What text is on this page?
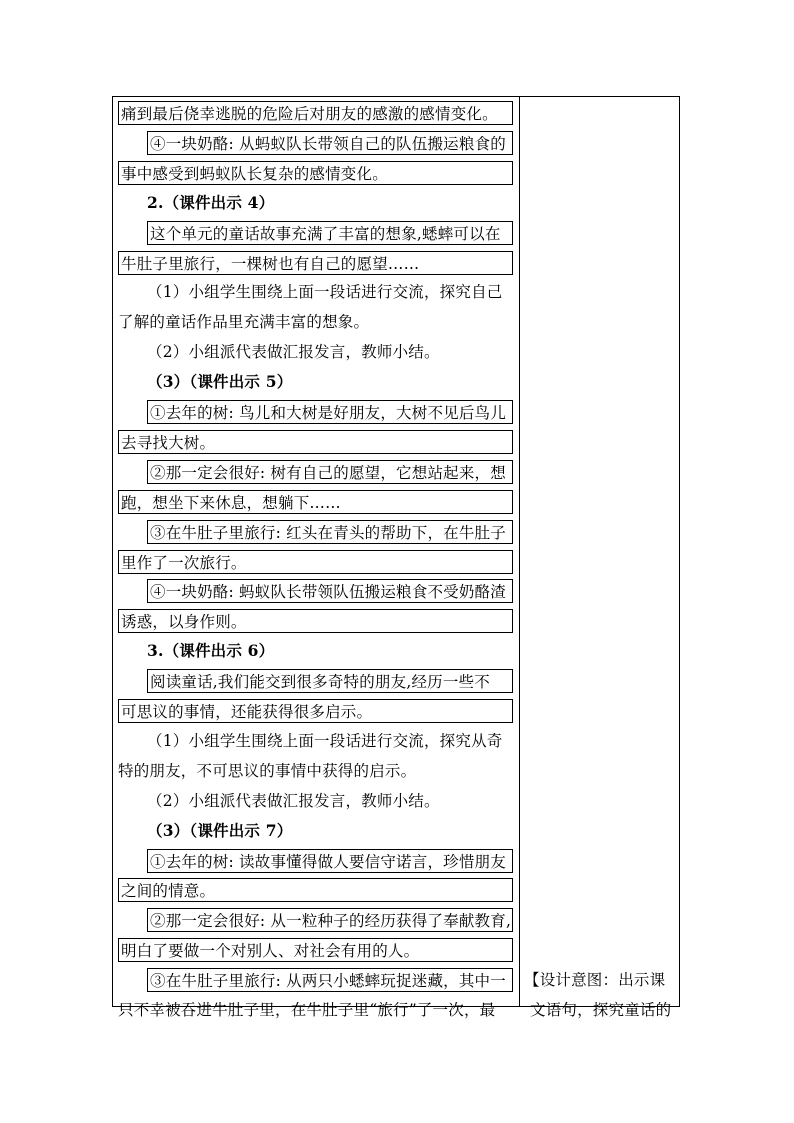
痛到最后侥幸逃脱的危险后对朋友的感激的感情变化。
④一块奶酪: 从蚂蚁队长带领自己的队伍搬运粮食的
事中感受到蚂蚁队长复杂的感情变化。
2.（课件出示 4）
这个单元的童话故事充满了丰富的想象,蟋蟀可以在
牛肚子里旅行，一棵树也有自己的愿望……
（1）小组学生围绕上面一段话进行交流，探究自己
了解的童话作品里充满丰富的想象。
（2）小组派代表做汇报发言，教师小结。
（3）（课件出示 5）
①去年的树: 鸟儿和大树是好朋友，大树不见后鸟儿
去寻找大树。
②那一定会很好: 树有自己的愿望，它想站起来，想
跑，想坐下来休息，想躺下……
③在牛肚子里旅行: 红头在青头的帮助下，在牛肚子
里作了一次旅行。
④一块奶酪: 蚂蚁队长带领队伍搬运粮食不受奶酪渣
诱惑，以身作则。
3.（课件出示 6）
阅读童话,我们能交到很多奇特的朋友,经历一些不
可思议的事情，还能获得很多启示。
（1）小组学生围绕上面一段话进行交流，探究从奇
特的朋友，不可思议的事情中获得的启示。
（2）小组派代表做汇报发言，教师小结。
（3）（课件出示 7）
①去年的树: 读故事懂得做人要信守诺言，珍惜朋友
之间的情意。
②那一定会很好: 从一粒种子的经历获得了奉献教育,
明白了要做一个对别人、对社会有用的人。
③在牛肚子里旅行: 从两只小蟋蟀玩捉迷藏，其中一
只不幸被吞进牛肚子里，在牛肚子里“旅行”了一次，最
【设计意图：出示课
文语句，探究童话的
